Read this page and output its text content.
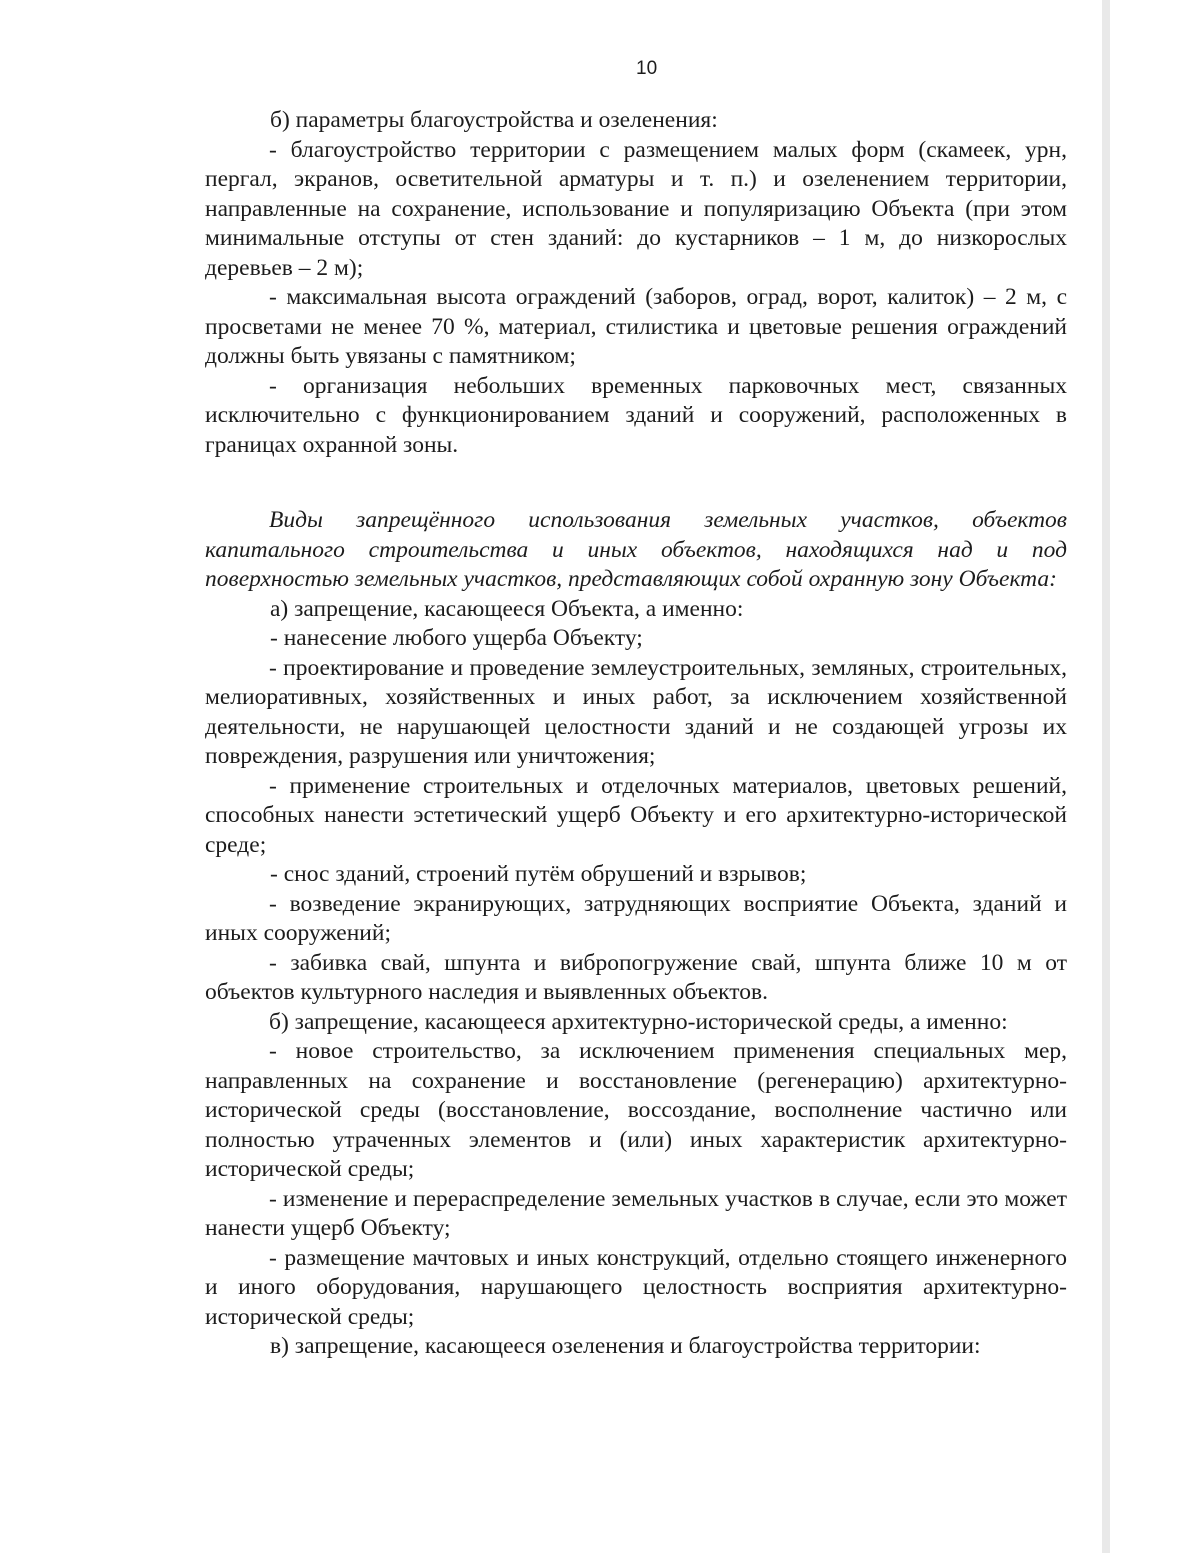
10

б) параметры благоустройства и озеленения:

- благоустройство территории с размещением малых форм (скамеек, урн, пергал, экранов, осветительной арматуры и т. п.) и озеленением территории, направленные на сохранение, использование и популяризацию Объекта (при этом минимальные отступы от стен зданий: до кустарников – 1 м, до низкорослых деревьев – 2 м);

- максимальная высота ограждений (заборов, оград, ворот, калиток) – 2 м, с просветами не менее 70 %, материал, стилистика и цветовые решения ограждений должны быть увязаны с памятником;

- организация небольших временных парковочных мест, связанных исключительно с функционированием зданий и сооружений, расположенных в границах охранной зоны.

Виды запрещённого использования земельных участков, объектов капитального строительства и иных объектов, находящихся над и под поверхностью земельных участков, представляющих собой охранную зону Объекта:

а) запрещение, касающееся Объекта, а именно:

- нанесение любого ущерба Объекту;

- проектирование и проведение землеустроительных, земляных, строительных, мелиоративных, хозяйственных и иных работ, за исключением хозяйственной деятельности, не нарушающей целостности зданий и не создающей угрозы их повреждения, разрушения или уничтожения;

- применение строительных и отделочных материалов, цветовых решений, способных нанести эстетический ущерб Объекту и его архитектурно-исторической среде;

- снос зданий, строений путём обрушений и взрывов;

- возведение экранирующих, затрудняющих восприятие Объекта, зданий и иных сооружений;

- забивка свай, шпунта и вибропогружение свай, шпунта ближе 10 м от объектов культурного наследия и выявленных объектов.

б) запрещение, касающееся архитектурно-исторической среды, а именно:

- новое строительство, за исключением применения специальных мер, направленных на сохранение и восстановление (регенерацию) архитектурно-исторической среды (восстановление, воссоздание, восполнение частично или полностью утраченных элементов и (или) иных характеристик архитектурно-исторической среды;

- изменение и перераспределение земельных участков в случае, если это может нанести ущерб Объекту;

- размещение мачтовых и иных конструкций, отдельно стоящего инженерного и иного оборудования, нарушающего целостность восприятия архитектурно-исторической среды;

в) запрещение, касающееся озеленения и благоустройства территории:
